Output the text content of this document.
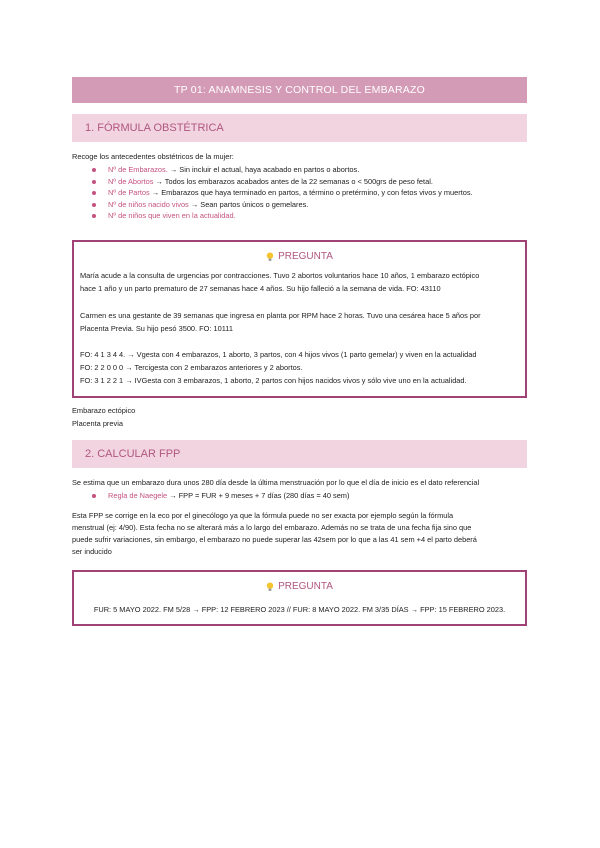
TP 01: ANAMNESIS Y CONTROL DEL EMBARAZO
1. FÓRMULA OBSTÉTRICA
Recoge los antecedentes obstétricos de la mujer:
Nº de Embarazos. → Sin incluir el actual, haya acabado en partos o abortos.
Nº de Abortos → Todos los embarazos acabados antes de la 22 semanas o < 500grs de peso fetal.
Nº de Partos → Embarazos que haya terminado en partos, a término o pretérmino, y con fetos vivos y muertos.
Nº de niños nacido vivos → Sean partos únicos o gemelares.
Nº de niños que viven en la actualidad.
PREGUNTA

María acude a la consulta de urgencias por contracciones. Tuvo 2 abortos voluntarios hace 10 años, 1 embarazo ectópico

hace 1 año y un parto prematuro de 27 semanas hace 4 años. Su hijo falleció a la semana de vida. FO: 43110

Carmen es una gestante de 39 semanas que ingresa en planta por RPM hace 2 horas. Tuvo una cesárea hace 5 años por

Placenta Previa. Su hijo pesó 3500. FO: 10111

FO: 4 1 3 4 4. → Vgesta con 4 embarazos, 1 aborto, 3 partos, con 4 hijos vivos (1 parto gemelar) y viven en la actualidad

FO: 2 2 0 0 0 → Tercigesta con 2 embarazos anteriores y 2 abortos.

FO: 3 1 2 2 1 → IVGesta con 3 embarazos, 1 aborto, 2 partos con hijos nacidos vivos y sólo vive uno en la actualidad.

Embarazo ectópico
Placenta previa
2. CALCULAR FPP
Se estima que un embarazo dura unos 280 día desde la última menstruación por lo que el día de inicio es el dato referencial
Regla de Naegele → FPP = FUR + 9 meses + 7 días (280 días = 40 sem)
Esta FPP se corrige en la eco por el ginecólogo ya que la fórmula puede no ser exacta por ejemplo según la fórmula
menstrual (ej: 4/90). Esta fecha no se alterará más a lo largo del embarazo. Además no se trata de una fecha fija sino que
puede sufrir variaciones, sin embargo, el embarazo no puede superar las 42sem por lo que a las 41 sem +4 el parto deberá
ser inducido
PREGUNTA

FUR: 5 MAYO 2022. FM 5/28 → FPP: 12 FEBRERO 2023 // FUR: 8 MAYO 2022. FM 3/35 DÍAS → FPP: 15 FEBRERO 2023.
